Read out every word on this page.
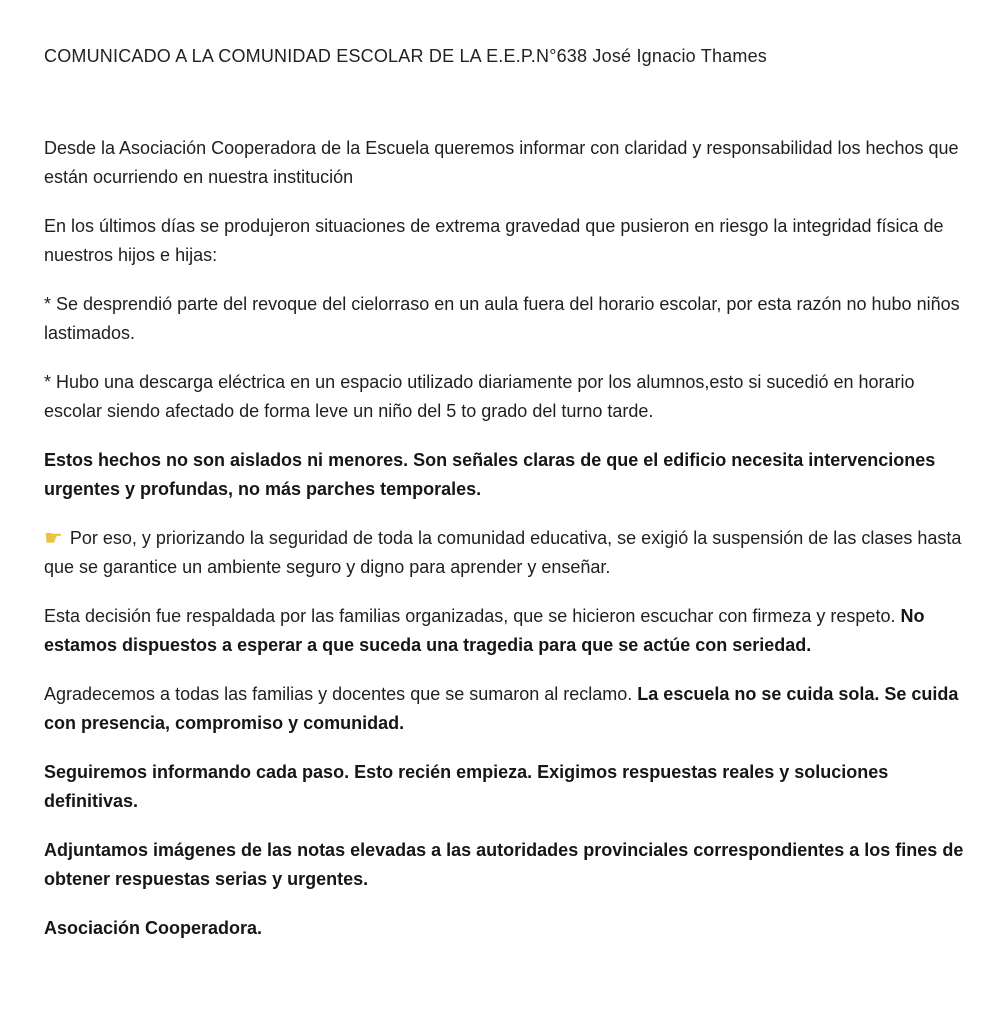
COMUNICADO A LA COMUNIDAD ESCOLAR DE LA E.E.P.N°638 José Ignacio Thames

Desde la Asociación Cooperadora de la Escuela queremos informar con claridad y responsabilidad los hechos que están ocurriendo en nuestra institución

En los últimos días se produjeron situaciones de extrema gravedad que pusieron en riesgo la integridad física de nuestros hijos e hijas:

* Se desprendió parte del revoque del cielorraso en un aula fuera del horario escolar, por esta razón no hubo niños lastimados.

* Hubo una descarga eléctrica en un espacio utilizado diariamente por los alumnos,esto si sucedió en horario escolar siendo afectado de forma leve un niño del 5 to grado del turno tarde.

Estos hechos no son aislados ni menores. Son señales claras de que el edificio necesita intervenciones urgentes y profundas, no más parches temporales.

☛ Por eso, y priorizando la seguridad de toda la comunidad educativa, se exigió la suspensión de las clases hasta que se garantice un ambiente seguro y digno para aprender y enseñar.

Esta decisión fue respaldada por las familias organizadas, que se hicieron escuchar con firmeza y respeto. No estamos dispuestos a esperar a que suceda una tragedia para que se actúe con seriedad.

Agradecemos a todas las familias y docentes que se sumaron al reclamo. La escuela no se cuida sola. Se cuida con presencia, compromiso y comunidad.

Seguiremos informando cada paso. Esto recién empieza. Exigimos respuestas reales y soluciones definitivas.

Adjuntamos imágenes de las notas elevadas a las autoridades provinciales correspondientes a los fines de obtener respuestas serias y urgentes.

Asociación Cooperadora.
